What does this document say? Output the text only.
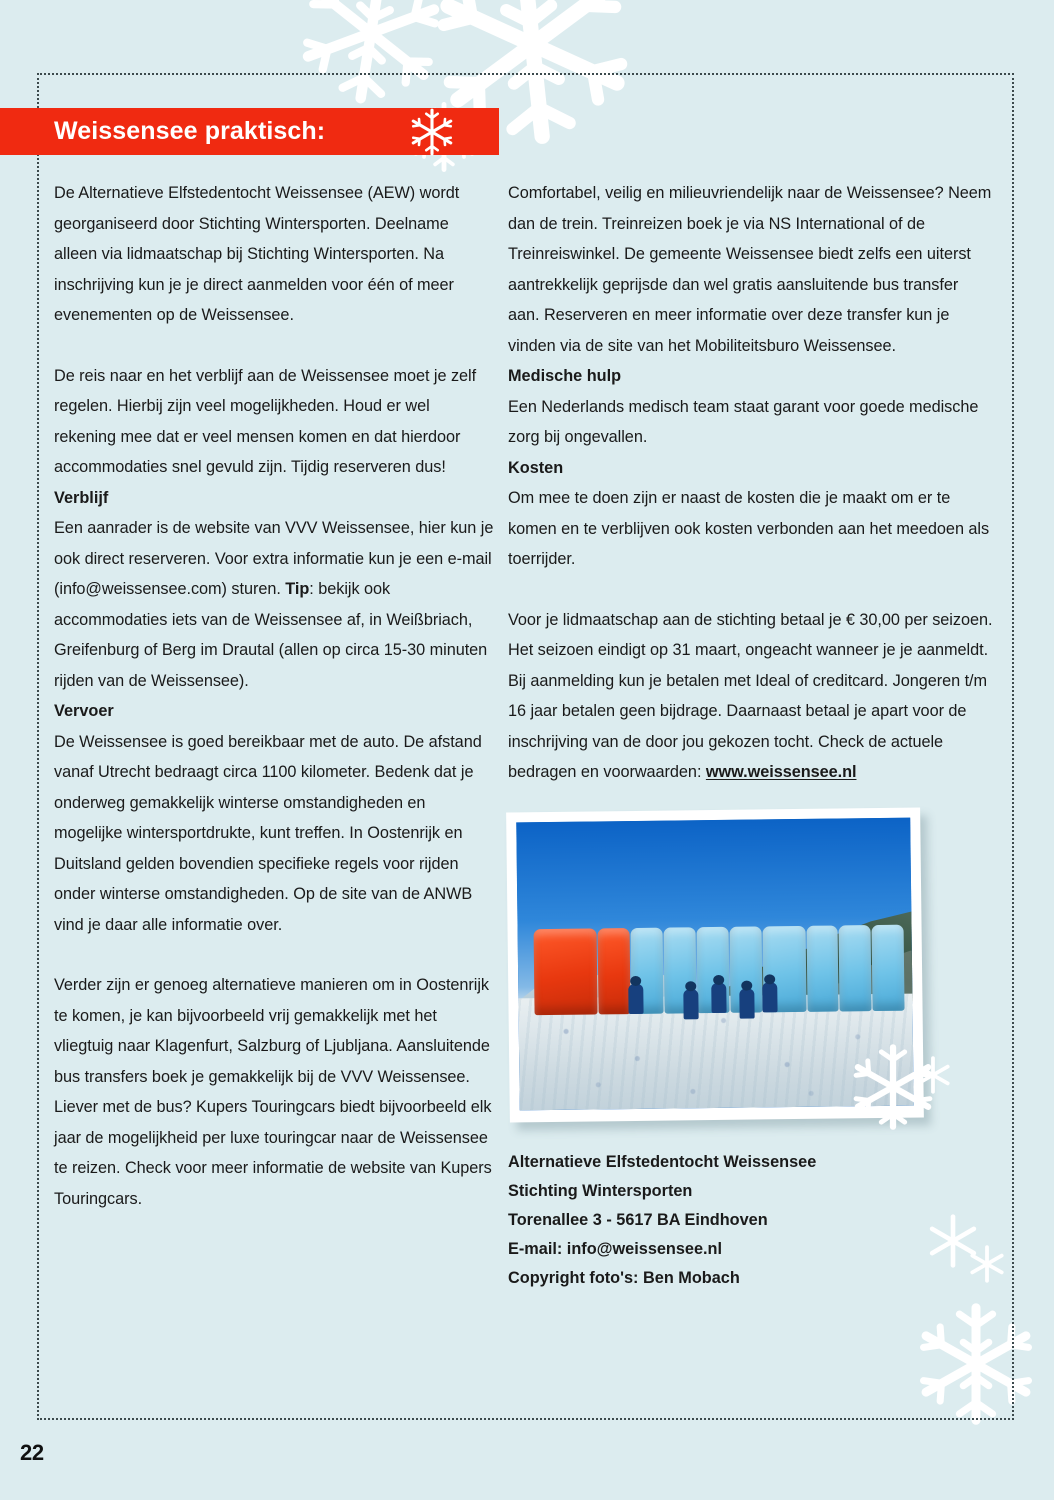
Weissensee praktisch:

De Alternatieve Elfstedentocht Weissensee (AEW) wordt georganiseerd door Stichting Wintersporten. Deelname alleen via lidmaatschap bij Stichting Wintersporten. Na inschrijving kun je je direct aanmelden voor één of meer evenementen op de Weissensee.

De reis naar en het verblijf aan de Weissensee moet je zelf regelen. Hierbij zijn veel mogelijkheden. Houd er wel rekening mee dat er veel mensen komen en dat hierdoor accommodaties snel gevuld zijn. Tijdig reserveren dus!

Verblijf

Een aanrader is de website van VVV Weissensee, hier kun je ook direct reserveren. Voor extra informatie kun je een e-mail (info@weissensee.com) sturen. Tip: bekijk ook accommodaties iets van de Weissensee af, in Weißbriach, Greifenburg of Berg im Drautal (allen op circa 15-30 minuten rijden van de Weissensee).

Vervoer

De Weissensee is goed bereikbaar met de auto. De afstand vanaf Utrecht bedraagt circa 1100 kilometer. Bedenk dat je onderweg gemakkelijk winterse omstandigheden en mogelijke wintersportdrukte, kunt treffen. In Oostenrijk en Duitsland gelden bovendien specifieke regels voor rijden onder winterse omstandigheden. Op de site van de ANWB vind je daar alle informatie over.

Verder zijn er genoeg alternatieve manieren om in Oostenrijk te komen, je kan bijvoorbeeld vrij gemakkelijk met het vliegtuig naar Klagenfurt, Salzburg of Ljubljana. Aansluitende bus transfers boek je gemakkelijk bij de VVV Weissensee. Liever met de bus? Kupers Touringcars biedt bijvoorbeeld elk jaar de mogelijkheid per luxe touringcar naar de Weissensee te reizen. Check voor meer informatie de website van Kupers Touringcars.

Comfortabel, veilig en milieuvriendelijk naar de Weissensee? Neem dan de trein. Treinreizen boek je via NS International of de Treinreiswinkel. De gemeente Weissensee biedt zelfs een uiterst aantrekkelijk geprijsde dan wel gratis aansluitende bus transfer aan. Reserveren en meer informatie over deze transfer kun je vinden via de site van het Mobiliteitsburo Weissensee.

Medische hulp

Een Nederlands medisch team staat garant voor goede medische zorg bij ongevallen.

Kosten

Om mee te doen zijn er naast de kosten die je maakt om er te komen en te verblijven ook kosten verbonden aan het meedoen als toerrijder.

Voor je lidmaatschap aan de stichting betaal je € 30,00 per seizoen. Het seizoen eindigt op 31 maart, ongeacht wanneer je je aanmeldt. Bij aanmelding kun je betalen met Ideal of creditcard. Jongeren t/m 16 jaar betalen geen bijdrage. Daarnaast betaal je apart voor de inschrijving van de door jou gekozen tocht. Check de actuele bedragen en voorwaarden: www.weissensee.nl

Alternatieve Elfstedentocht Weissensee
Stichting Wintersporten
Torenallee 3 - 5617 BA Eindhoven
E-mail: info@weissensee.nl
Copyright foto's: Ben Mobach
22
